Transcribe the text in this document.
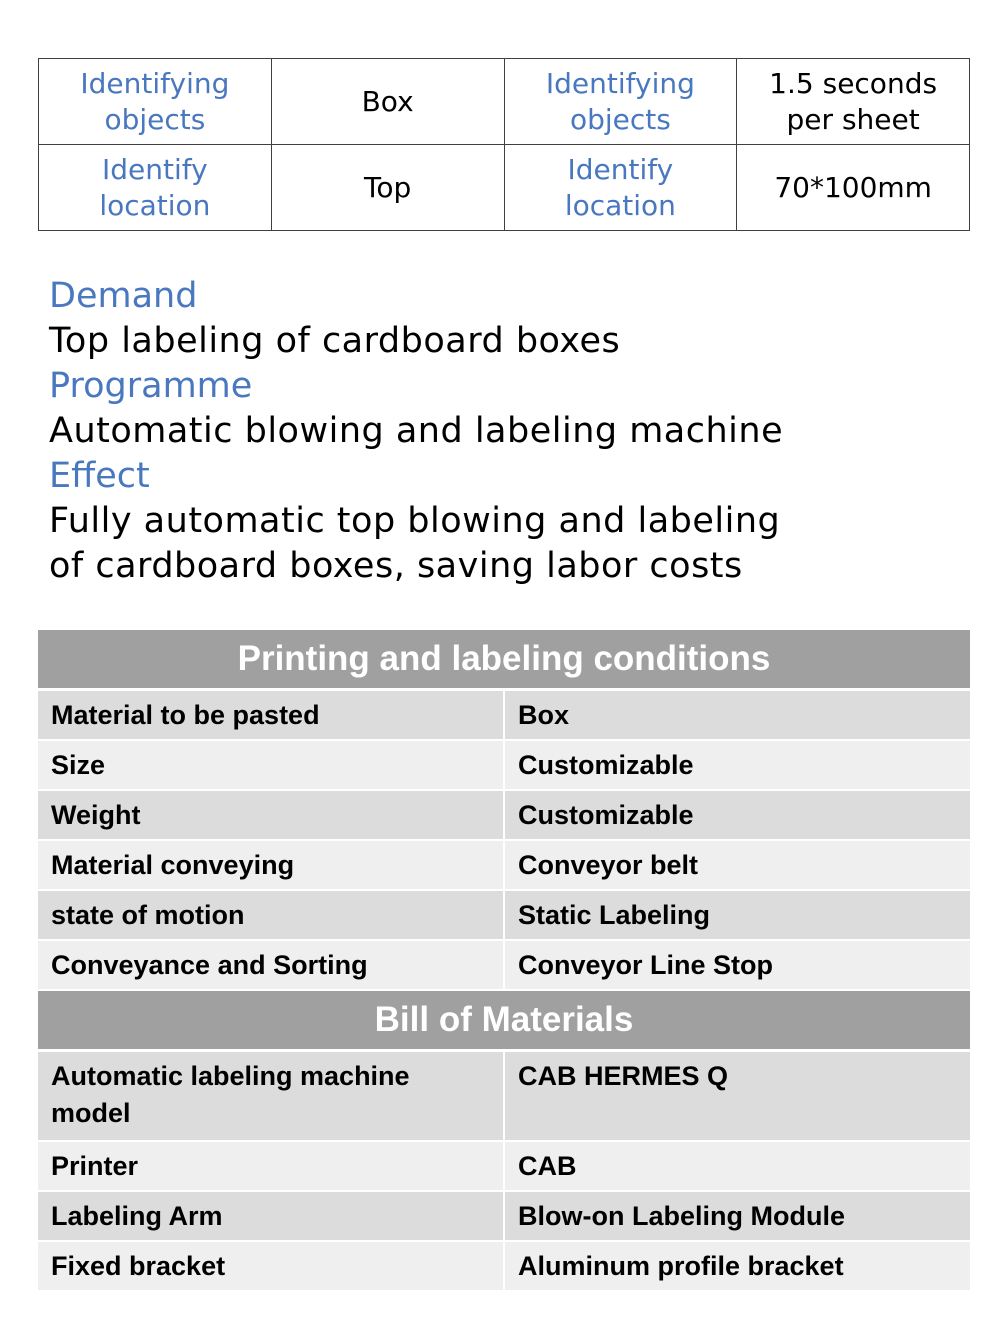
Identifying objects	Box	Identifying objects	1.5 seconds per sheet
Identify location	Top	Identify location	70*100mm
Demand
Top labeling of cardboard boxes
Programme
Automatic blowing and labeling machine
Effect
Fully automatic top blowing and labeling of cardboard boxes, saving labor costs
Printing and labeling conditions	
Material to be pasted	Box
Size	Customizable
Weight	Customizable
Material conveying	Conveyor belt
state of motion	Static Labeling
Conveyance and Sorting	Conveyor Line Stop
Bill of Materials	
Automatic labeling machine model	CAB HERMES Q
Printer	CAB
Labeling Arm	Blow-on Labeling Module
Fixed bracket	Aluminum profile bracket
